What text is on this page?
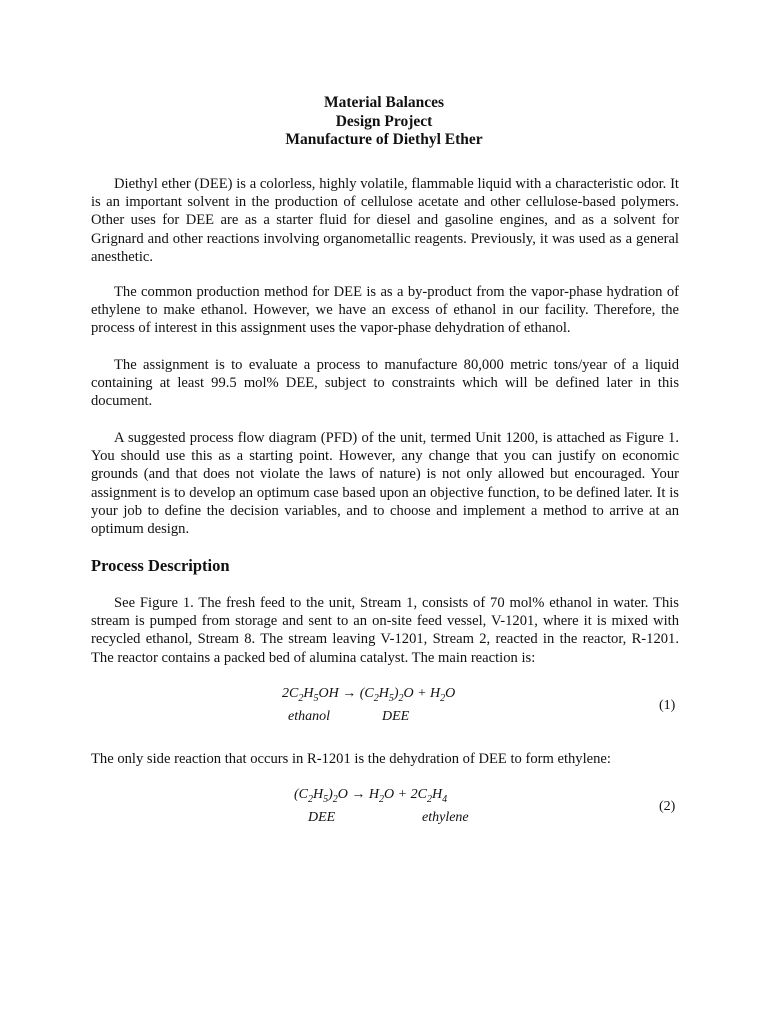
Material Balances
Design Project
Manufacture of Diethyl Ether

Diethyl ether (DEE) is a colorless, highly volatile, flammable liquid with a characteristic odor. It is an important solvent in the production of cellulose acetate and other cellulose-based polymers. Other uses for DEE are as a starter fluid for diesel and gasoline engines, and as a solvent for Grignard and other reactions involving organometallic reagents. Previously, it was used as a general anesthetic.

The common production method for DEE is as a by-product from the vapor-phase hydration of ethylene to make ethanol. However, we have an excess of ethanol in our facility. Therefore, the process of interest in this assignment uses the vapor-phase dehydration of ethanol.

The assignment is to evaluate a process to manufacture 80,000 metric tons/year of a liquid containing at least 99.5 mol% DEE, subject to constraints which will be defined later in this document.

A suggested process flow diagram (PFD) of the unit, termed Unit 1200, is attached as Figure 1. You should use this as a starting point. However, any change that you can justify on economic grounds (and that does not violate the laws of nature) is not only allowed but encouraged. Your assignment is to develop an optimum case based upon an objective function, to be defined later. It is your job to define the decision variables, and to choose and implement a method to arrive at an optimum design.

Process Description

See Figure 1. The fresh feed to the unit, Stream 1, consists of 70 mol% ethanol in water. This stream is pumped from storage and sent to an on-site feed vessel, V-1201, where it is mixed with recycled ethanol, Stream 8. The stream leaving V-1201, Stream 2, reacted in the reactor, R-1201. The reactor contains a packed bed of alumina catalyst. The main reaction is:

$2C_2H_5OH \to (C_2H_5)_2O + H_2O$
ethanol	DEE
(1)

The only side reaction that occurs in R-1201 is the dehydration of DEE to form ethylene:

$(C_2H_5)_2O \to H_2O + 2C_2H_4$
DEE	ethylene
(2)
